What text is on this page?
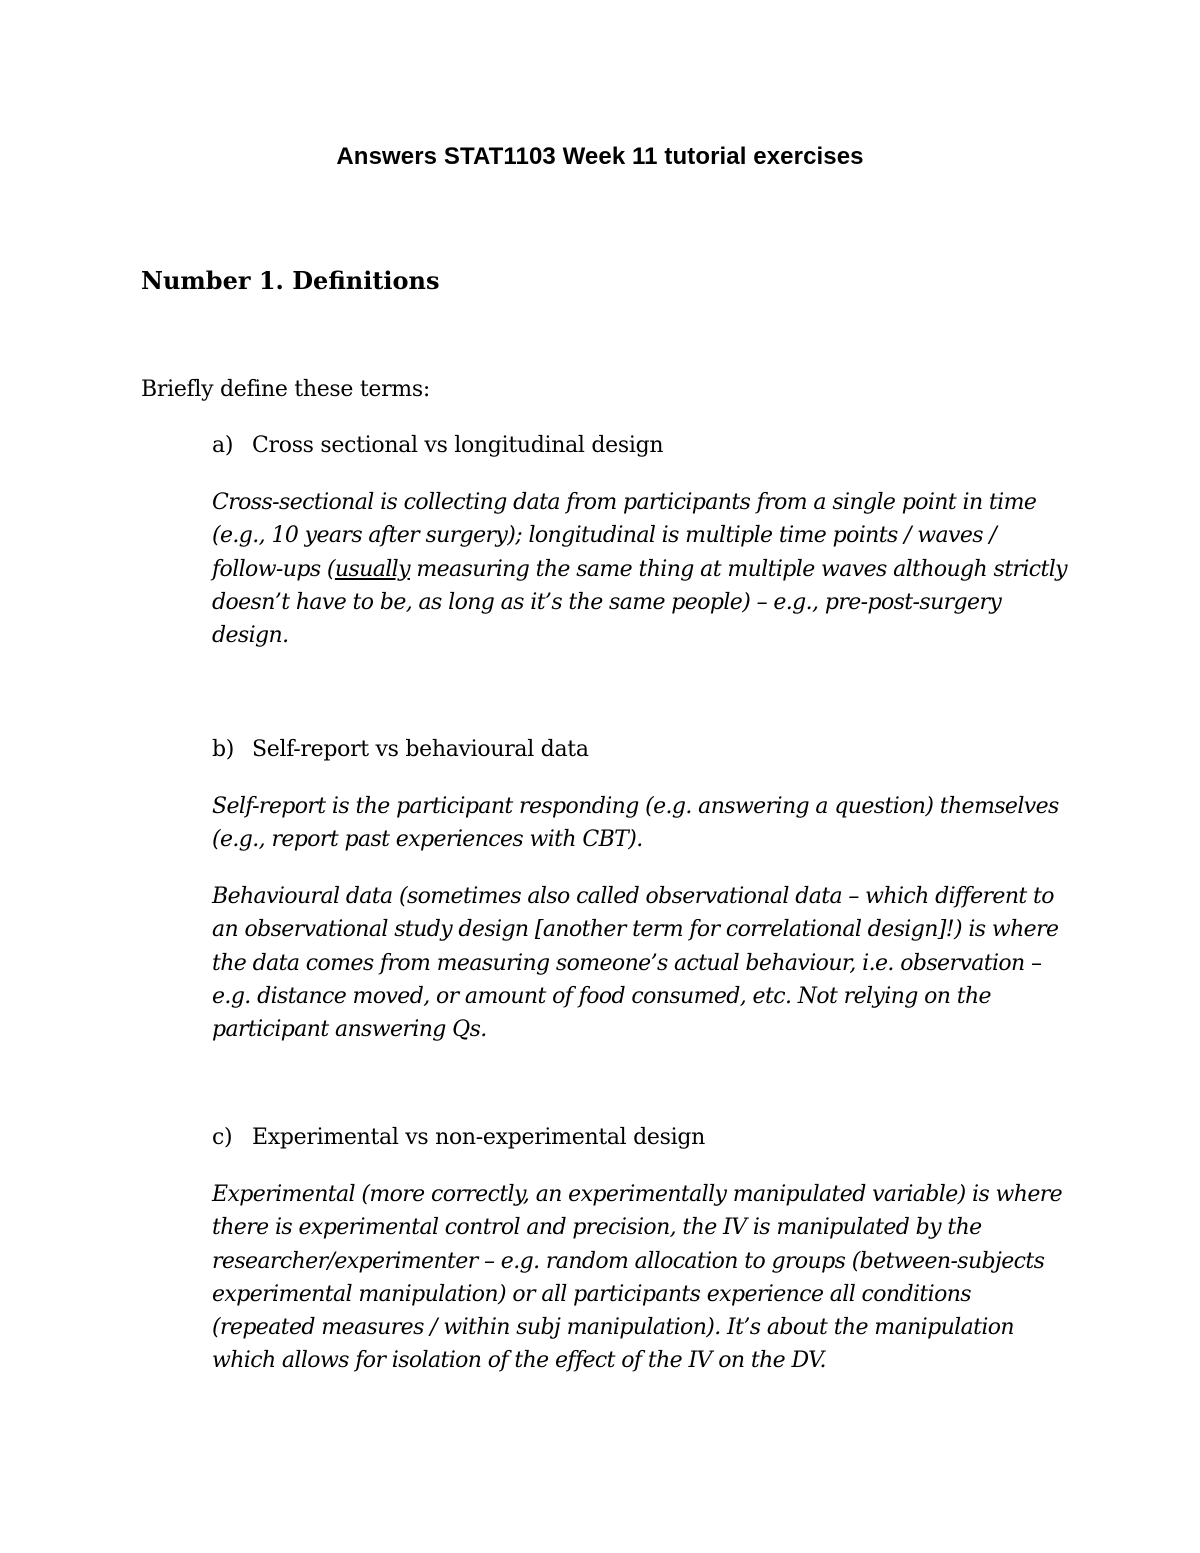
Answers STAT1103 Week 11 tutorial exercises
Number 1. Definitions
Briefly define these terms:
a) Cross sectional vs longitudinal design

Cross-sectional is collecting data from participants from a single point in time (e.g., 10 years after surgery); longitudinal is multiple time points / waves / follow-ups (usually measuring the same thing at multiple waves although strictly doesn’t have to be, as long as it’s the same people) – e.g., pre-post-surgery design.

b) Self-report vs behavioural data

Self-report is the participant responding (e.g. answering a question) themselves (e.g., report past experiences with CBT).

Behavioural data (sometimes also called observational data – which different to an observational study design [another term for correlational design]!) is where the data comes from measuring someone’s actual behaviour, i.e. observation – e.g. distance moved, or amount of food consumed, etc. Not relying on the participant answering Qs.

c) Experimental vs non-experimental design

Experimental (more correctly, an experimentally manipulated variable) is where there is experimental control and precision, the IV is manipulated by the researcher/experimenter – e.g. random allocation to groups (between-subjects experimental manipulation) or all participants experience all conditions (repeated measures / within subj manipulation). It’s about the manipulation which allows for isolation of the effect of the IV on the DV.
